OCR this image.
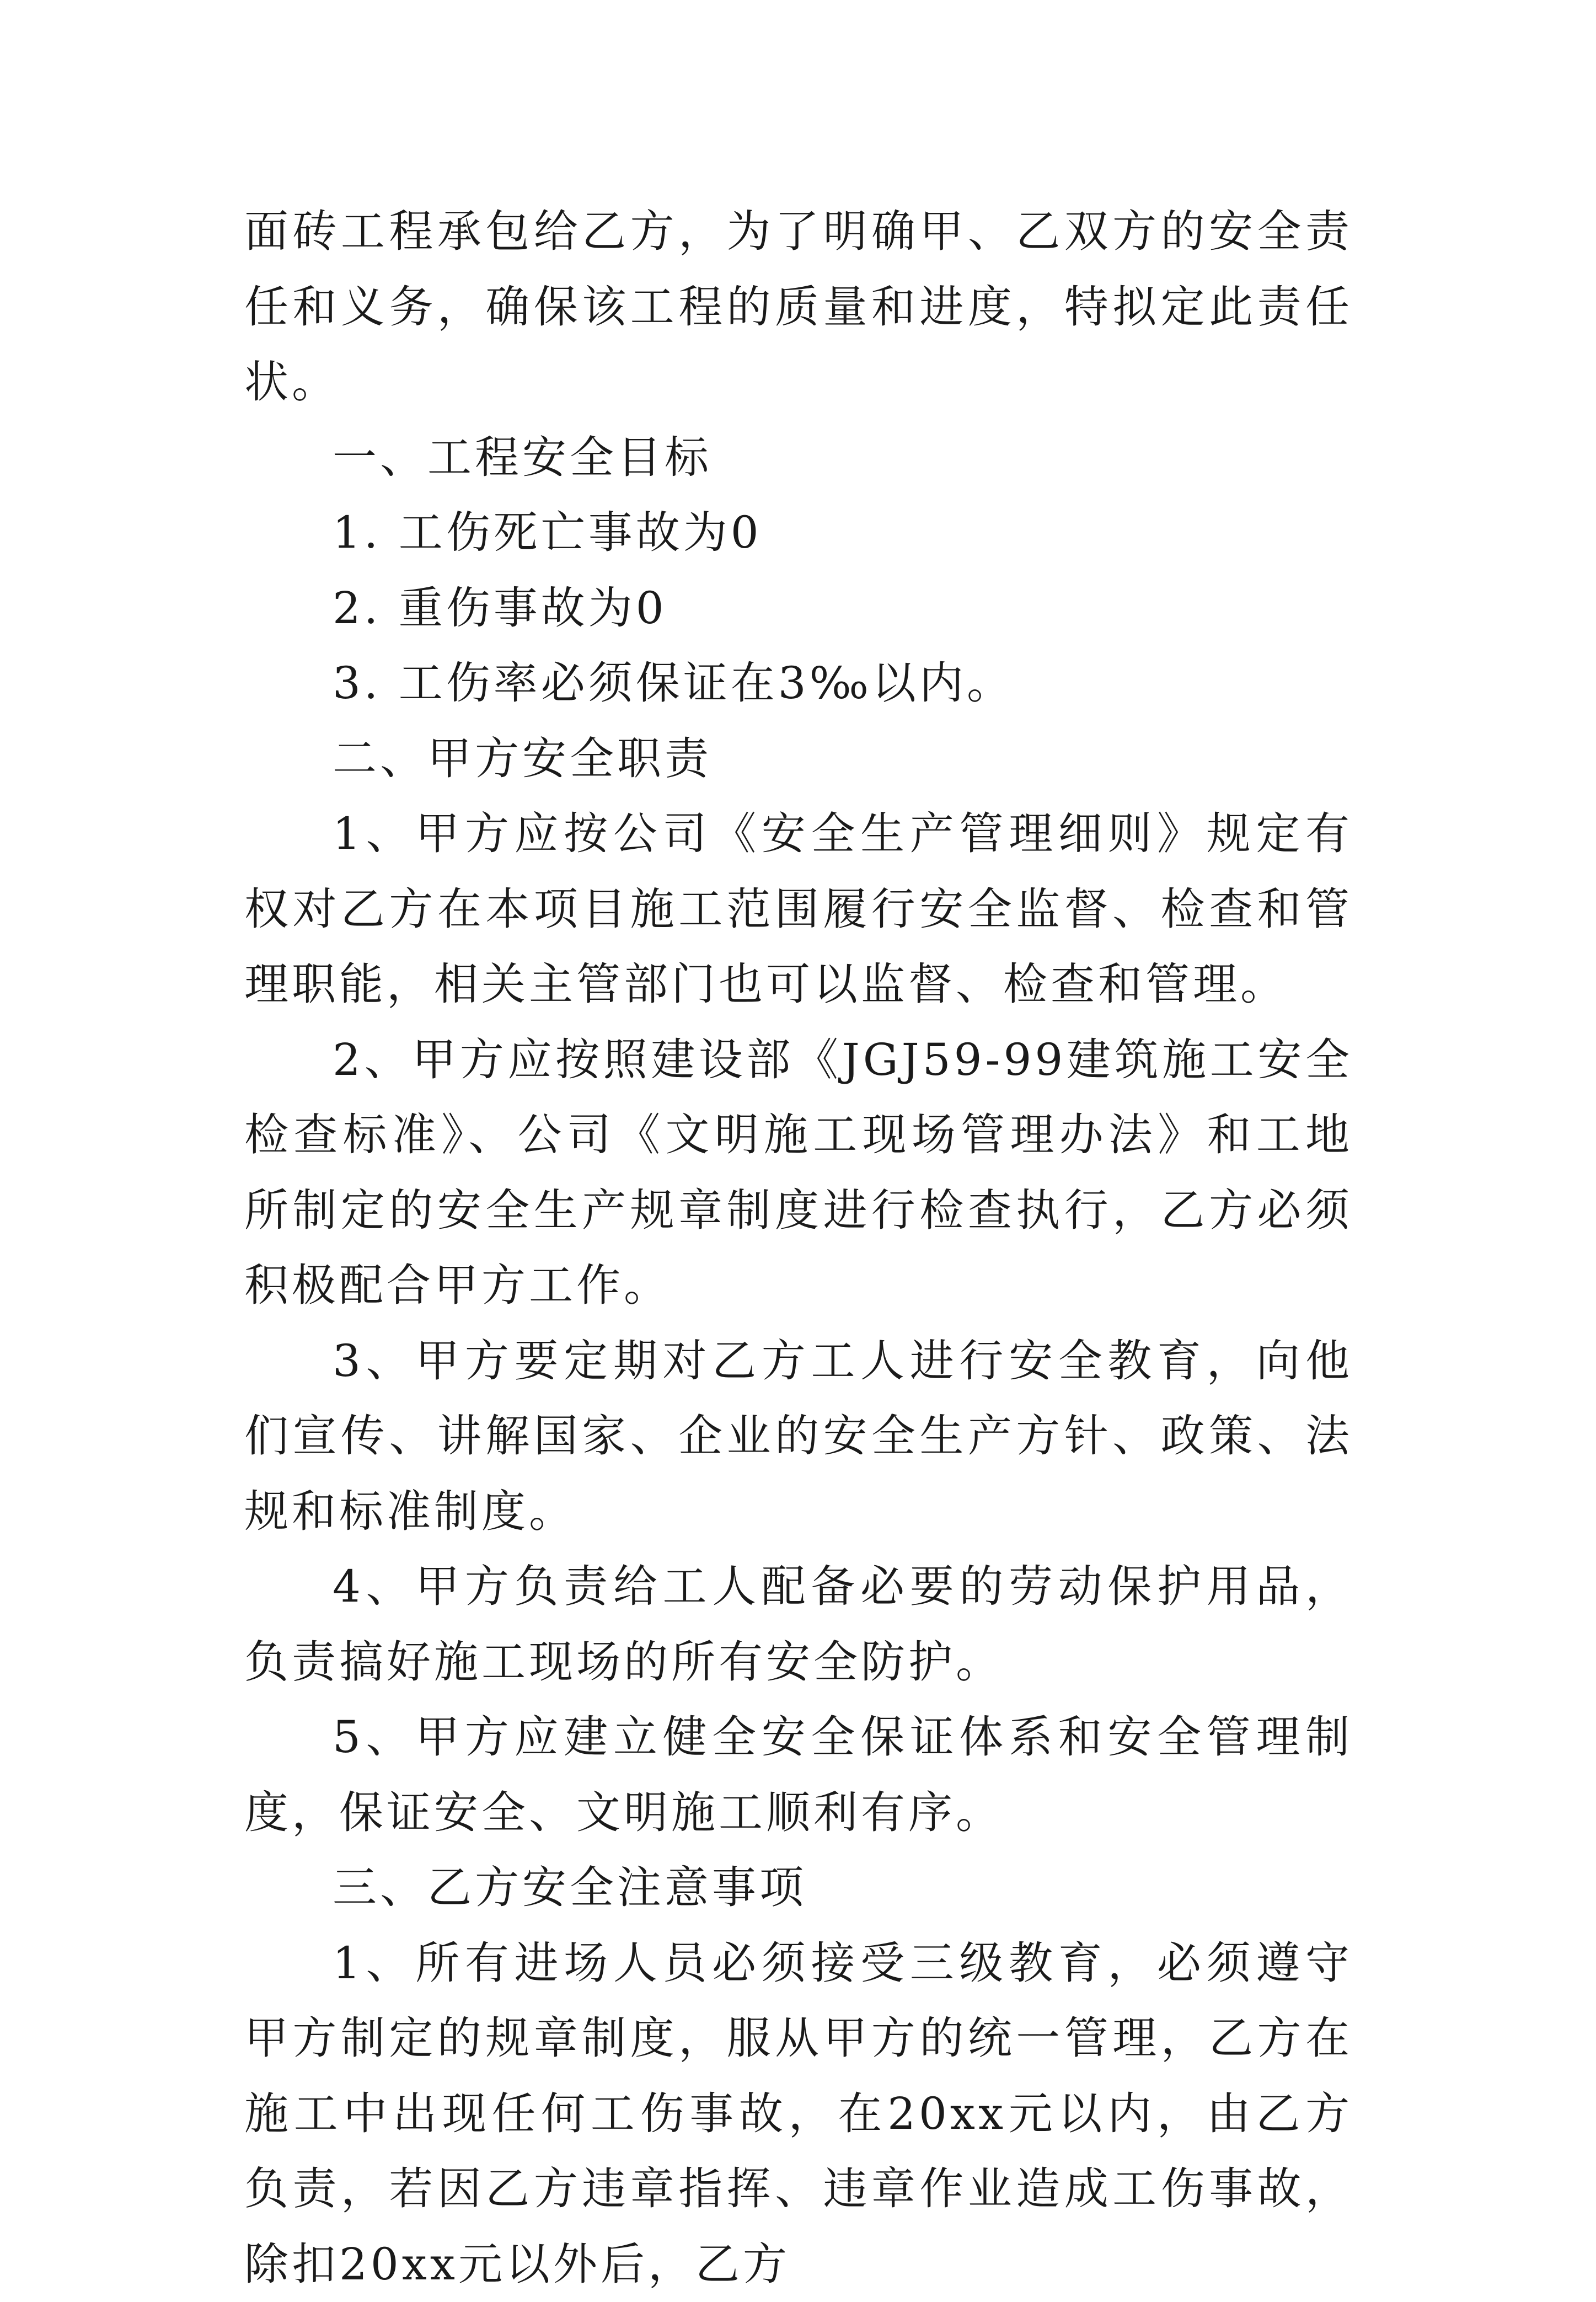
面砖工程承包给乙方，为了明确甲、乙双方的安全责任和义务，确保该工程的质量和进度，特拟定此责任状。

一、工程安全目标

1. 工伤死亡事故为0

2. 重伤事故为0

3. 工伤率必须保证在3‰以内。

二、甲方安全职责

1、甲方应按公司《安全生产管理细则》规定有权对乙方在本项目施工范围履行安全监督、检查和管理职能，相关主管部门也可以监督、检查和管理。

2、甲方应按照建设部《JGJ59-99建筑施工安全检查标准》、公司《文明施工现场管理办法》和工地所制定的安全生产规章制度进行检查执行，乙方必须积极配合甲方工作。

3、甲方要定期对乙方工人进行安全教育，向他们宣传、讲解国家、企业的安全生产方针、政策、法规和标准制度。

4、甲方负责给工人配备必要的劳动保护用品，负责搞好施工现场的所有安全防护。

5、甲方应建立健全安全保证体系和安全管理制度，保证安全、文明施工顺利有序。

三、乙方安全注意事项

1、所有进场人员必须接受三级教育，必须遵守甲方制定的规章制度，服从甲方的统一管理，乙方在施工中出现任何工伤事故，在20xx元以内，由乙方负责，若因乙方违章指挥、违章作业造成工伤事故，除扣20xx元以外后，乙方
